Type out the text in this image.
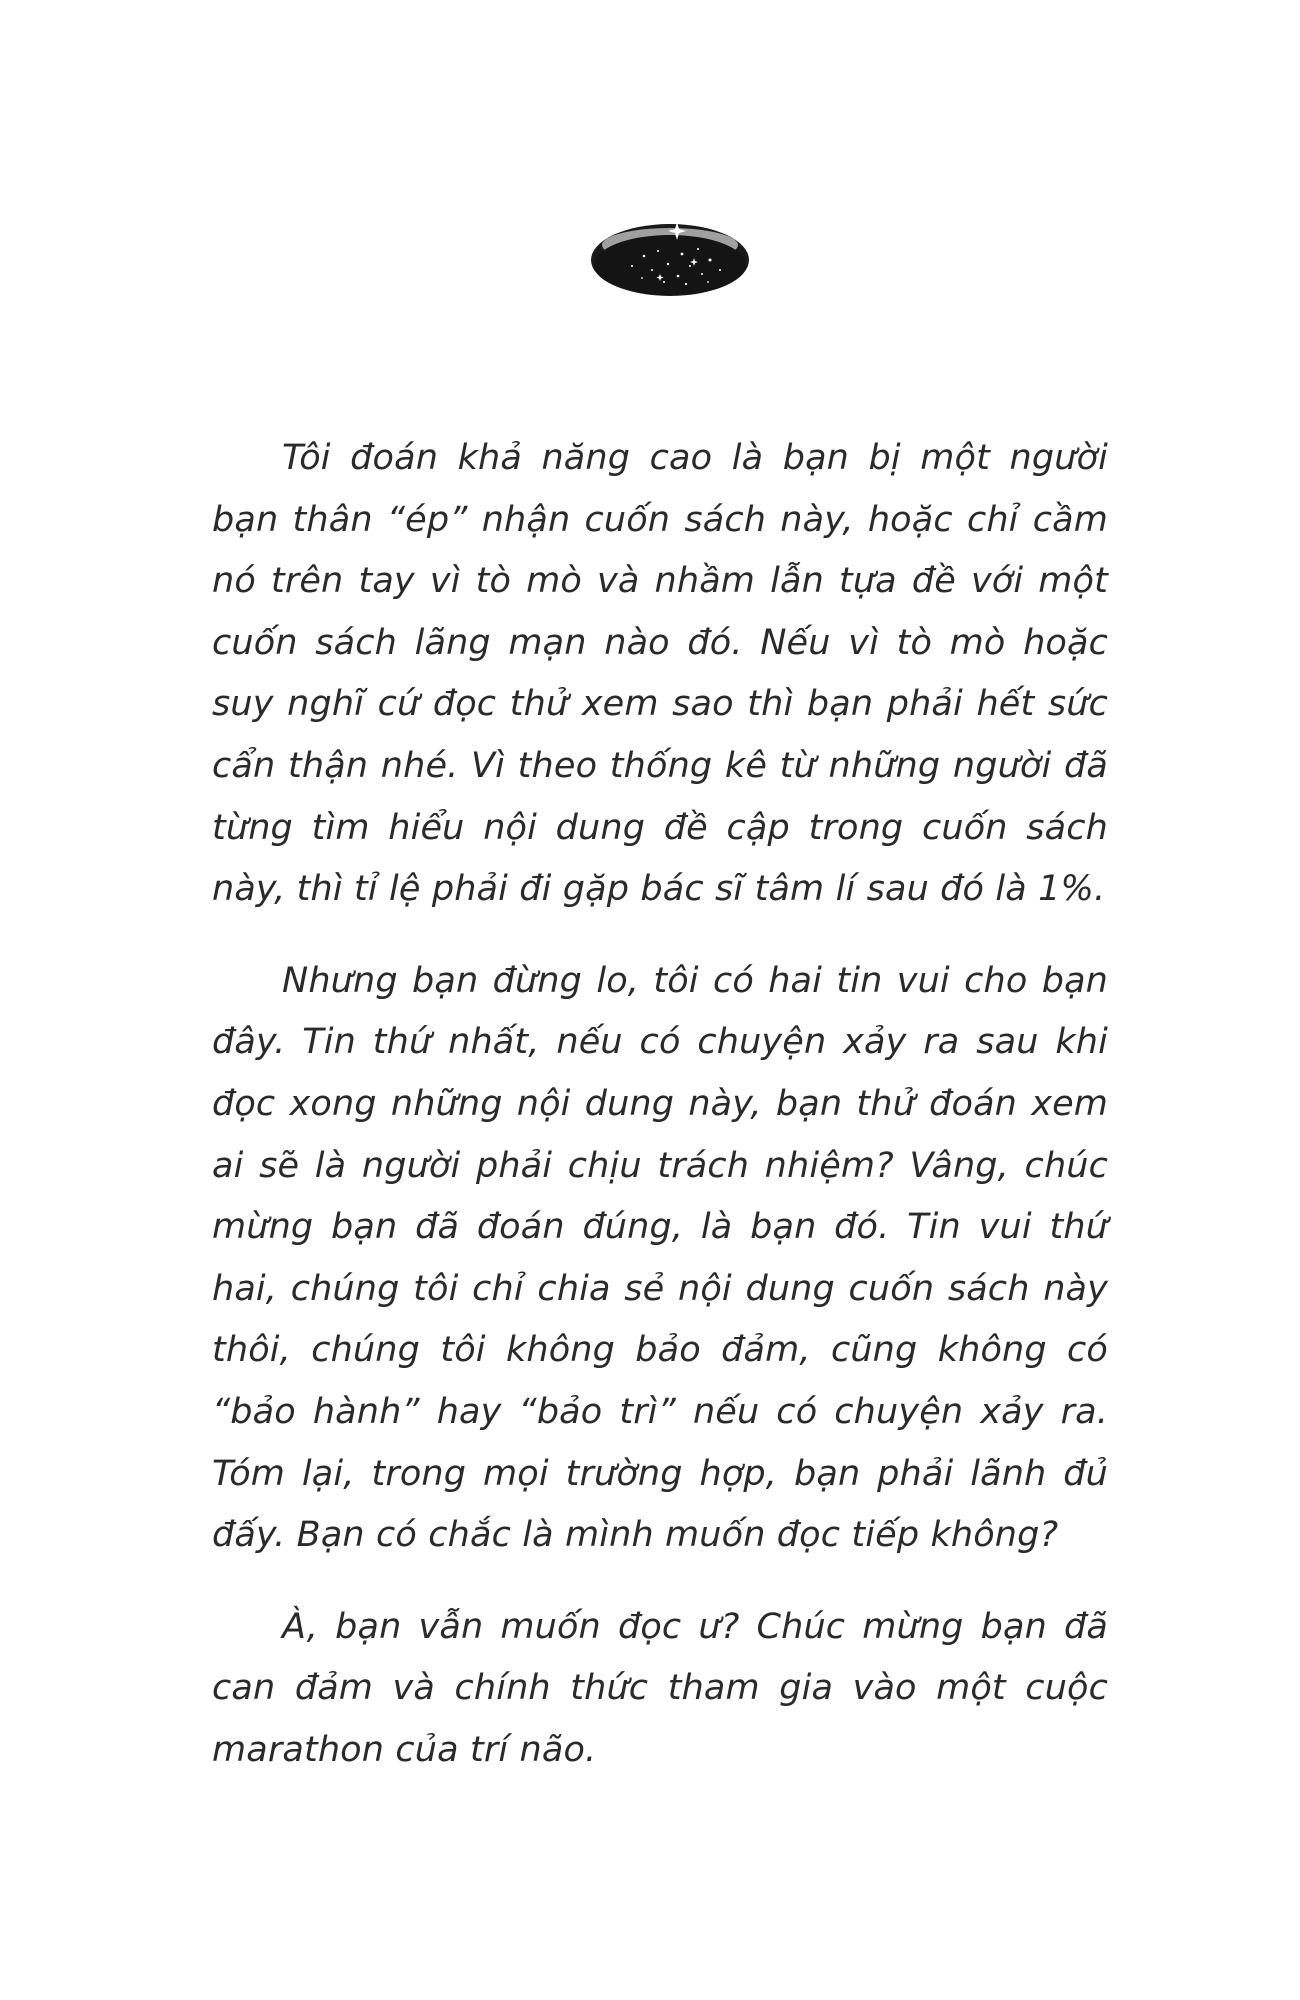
Tôi đoán khả năng cao là bạn bị một người bạn thân “ép” nhận cuốn sách này, hoặc chỉ cầm nó trên tay vì tò mò và nhầm lẫn tựa đề với một cuốn sách lãng mạn nào đó. Nếu vì tò mò hoặc suy nghĩ cứ đọc thử xem sao thì bạn phải hết sức cẩn thận nhé. Vì theo thống kê từ những người đã từng tìm hiểu nội dung đề cập trong cuốn sách này, thì tỉ lệ phải đi gặp bác sĩ tâm lí sau đó là 1%.

Nhưng bạn đừng lo, tôi có hai tin vui cho bạn đây. Tin thứ nhất, nếu có chuyện xảy ra sau khi đọc xong những nội dung này, bạn thử đoán xem ai sẽ là người phải chịu trách nhiệm? Vâng, chúc mừng bạn đã đoán đúng, là bạn đó. Tin vui thứ hai, chúng tôi chỉ chia sẻ nội dung cuốn sách này thôi, chúng tôi không bảo đảm, cũng không có “bảo hành” hay “bảo trì” nếu có chuyện xảy ra. Tóm lại, trong mọi trường hợp, bạn phải lãnh đủ đấy. Bạn có chắc là mình muốn đọc tiếp không?

À, bạn vẫn muốn đọc ư? Chúc mừng bạn đã can đảm và chính thức tham gia vào một cuộc marathon của trí não.
